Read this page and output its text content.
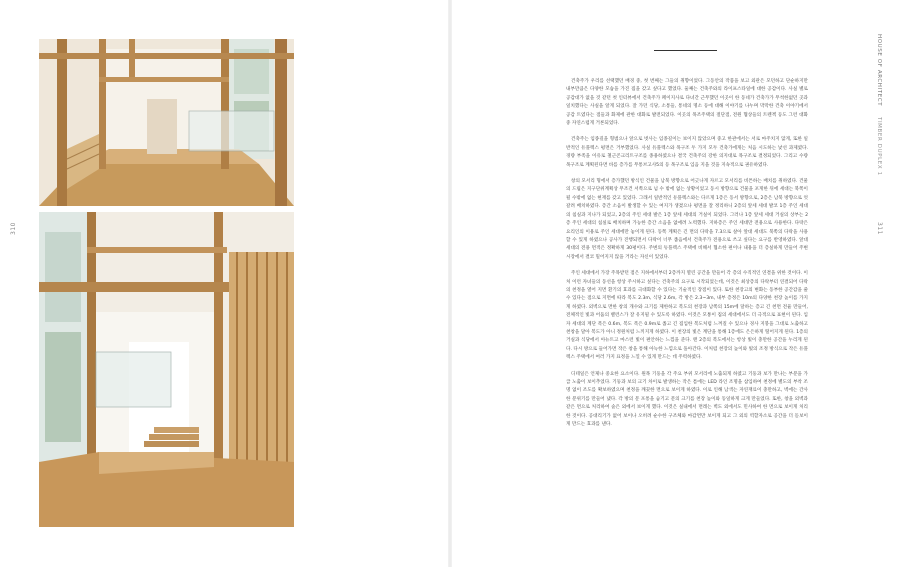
310	311
HOUSE OF ARCHITECT TIMBER DUPLEX 1

건축주가 우리를 선택했던 배경 중, 첫 번째는 그들의 취향이었다. 그동안의 작품을 보고 외관은 모던하고 단순하지만 내부만큼은 다양한 모습을 가진 집을 갖고 싶다고 했었다. 둘째는 건축주와의 라이프스타일에 대한 공감이다. 사실 별로 공감대가 없을 것 같던 첫 인터뷰에서 건축주가 페이지사로 다녀간 근무했던 이곳이 한 동네가 건축가가 무척한없던 곳과 일치했다는 사실을 알게 되었다. 잘 가던 식당, 소통들, 통네의 명소 등에 대해 이야기를 나누며 막막한 건축 이야기에서 공감 트였다는 점들과 화제에 관한 대화로 발전되었다. 이곳의 목조주택의 절단점, 전원 협상들의 트렌젝 등도 그런 대화 중 자연스럽게 거론되었다.

건축주는 임종길을 형범으나 앞으로 벗사는 임종길이는 보이지 않았으며 중고 한관에서는 서로 마주치지 않게, 또한 일반적인 듀플렉스 평면은 거부했었다. 사실 듀플렉스와 목구조 두 가지 모두 건축가에게는 처음 시도하는 낯선 과제였다. 경량 부족을 이유로 철근콘크리트구조를 종용하였으나 결국 건축주의 강한 의지대로 목구조로 결정되었다. 그리고 수량 목구조로 계획된다면 바를 층가를 무통브고사5의 등 목구조로 입음 지을 것을 지속적으로 권유하였다.

창의 모서리 형에서 층가했던 방식인 건물을 남북 방향으로 어긋나게 자르고 모서리를 비튼하는 배치를 취하였다. 건물의 드립은 지구단위계획상 무조건 서쪽으로 넘 수 밖에 없는 상황이었고 동시 방향으로 건물을 포게한 뒤에 세대는 북쪽이 될 수밖에 없는 현재를 갖고 있었다. 그래서 일반적인 듀플렉스와는 다르게 1층은 동서 방향으로, 2층은 남북 방향으로 엇갈려 배치하였다. 층간 소음이 발생할 수 있는 여지가 생겼으나 평면을 잘 정리하니 2층의 앞세 세대 발코 1층 주인 세대의 침실과 지나가 되었고, 2층의 주인 세대 발은 1층 앞세 세대의 거실이 되었다. 그러나 1층 앞세 세대 거실의 상부는 2층 주인 세대의 침실로 배치하며 가능한 층간 소음을 없애려 노력했다. 지하층은 주인 세대만 전용으로 사용한다. 다락은 요리인의 이용로 주인 세대에만 놓이게 된다. 동쪽 계획은 긴 면의 다락을 7.3으로 살아 앞대 세대도 북쪽의 다락을 사용할 수 있게 하였으나 공사가 진행되면서 다락이 너무 좁음에서 건축주가 전용으로 쓰고 싶다는 요구를 반영하였다. 앞대 세대의 전용 면적은 정확하게 30평이다. 주변의 듀플렉스 주택에 비해서 협소한 편이나 내용을 더 층실하게 만들어 주변 시장에서 결코 밀어지지 않을 거라는 자신이 있었다.

주인 세대에서 가장 주목받던 점은 지하에서부터 2층까지 열린 공간을 만들어 각 층의 수직적인 연결을 위한 것이다. 이처 이런 자녀들의 동선을 항상 주시하고 싶다는 건축주의 요구로 시작되었는데, 이것은 최상층의 다락부터 연결되어 다락의 천정을 열어 지면 환기의 효과를 극대화할 수 있다는 기술적인 장점이 있다. 또한 천장고의 변화는 동부한 공간감을 줄 수 있다는 점으로 지면에 따라 복도 2.3m, 식당 2.6m, 각 방은 2.3~3m, 내부 층정은 10m의 다양한 천장 높이를 가지게 하였다. 외벽으로 면한 창의 개수와 크기를 제한하고 복도의 천장과 남쪽의 15m에 달하는 층고 긴 천면 전율 만들어, 전체적인 빛과 어둠의 밸런스가 잘 유지될 수 있도록 하였다. 이것은 모퉁이 집의 세대에서도 더 극적으로 표현이 된다. 입자 세대의 계단 폭은 0.6m, 복도 폭은 0.9m로 좁고 긴 집입한 복도처럼 느껴질 수 있으나 경사 지붕을 그대로 노출하고 천창을 달아 복도가 아니 정원처럼 느끼지게 하였다. 이 천장의 빛은 계단을 통해 1층에도 은은하게 떨어지게 된다. 1층의 거실과 식당에서 아뉴트고 마스런 빛이 편안하는 느낌을 준다. 맨 2층의 복도에서는 항상 빛이 충만한 공간을 누리게 된다. 다시 방으로 들어가면 작은 창을 통해 아늑한 느낌으로 돌아간다. 이처럼 천장의 높이와 빛의 조정 방식으로 작은 듀플렉스 주택에서 여러 가지 표정을 느낄 수 있게 만드는 데 주력하였다.

디테일은 언제나 중요한 요소이다. 원목 기둥을 각 주요 부위 모서리에 노출되게 하였고 기둥과 보가 만나는 부분을 가급 노출이 보이추었다. 기둥과 보의 크기 차이로 발생하는 작은 틈에는 LED 라인 조명을 삽입하여 천정에 별도의 부착 조명 없이 조도를 확보하였으며 천정을 깨끗한 면으로 보이게 하였다. 이로 인해 남색는 자연재료이 충만하고, 벽에는 간사한 분위기를 만들어 냈다. 각 방의 문 포통을 숨기고 문의 크기를 천장 높이와 동일하게 크게 만들었다. 또한, 창을 외벽과 같은 면으로 처리하여 숲은 외에서 보이게 했다. 이것은 실내에서 면레는 벽도 외에서도 민사하여 한 면으로 보이게 처리한 것이다. 공대리기가 없어 보이나 오히려 순수한 구조체와 마감면만 보이게 되고 그 외의 역할자소로 공간을 더 돋보이게 만드는 효과를 낸다.
